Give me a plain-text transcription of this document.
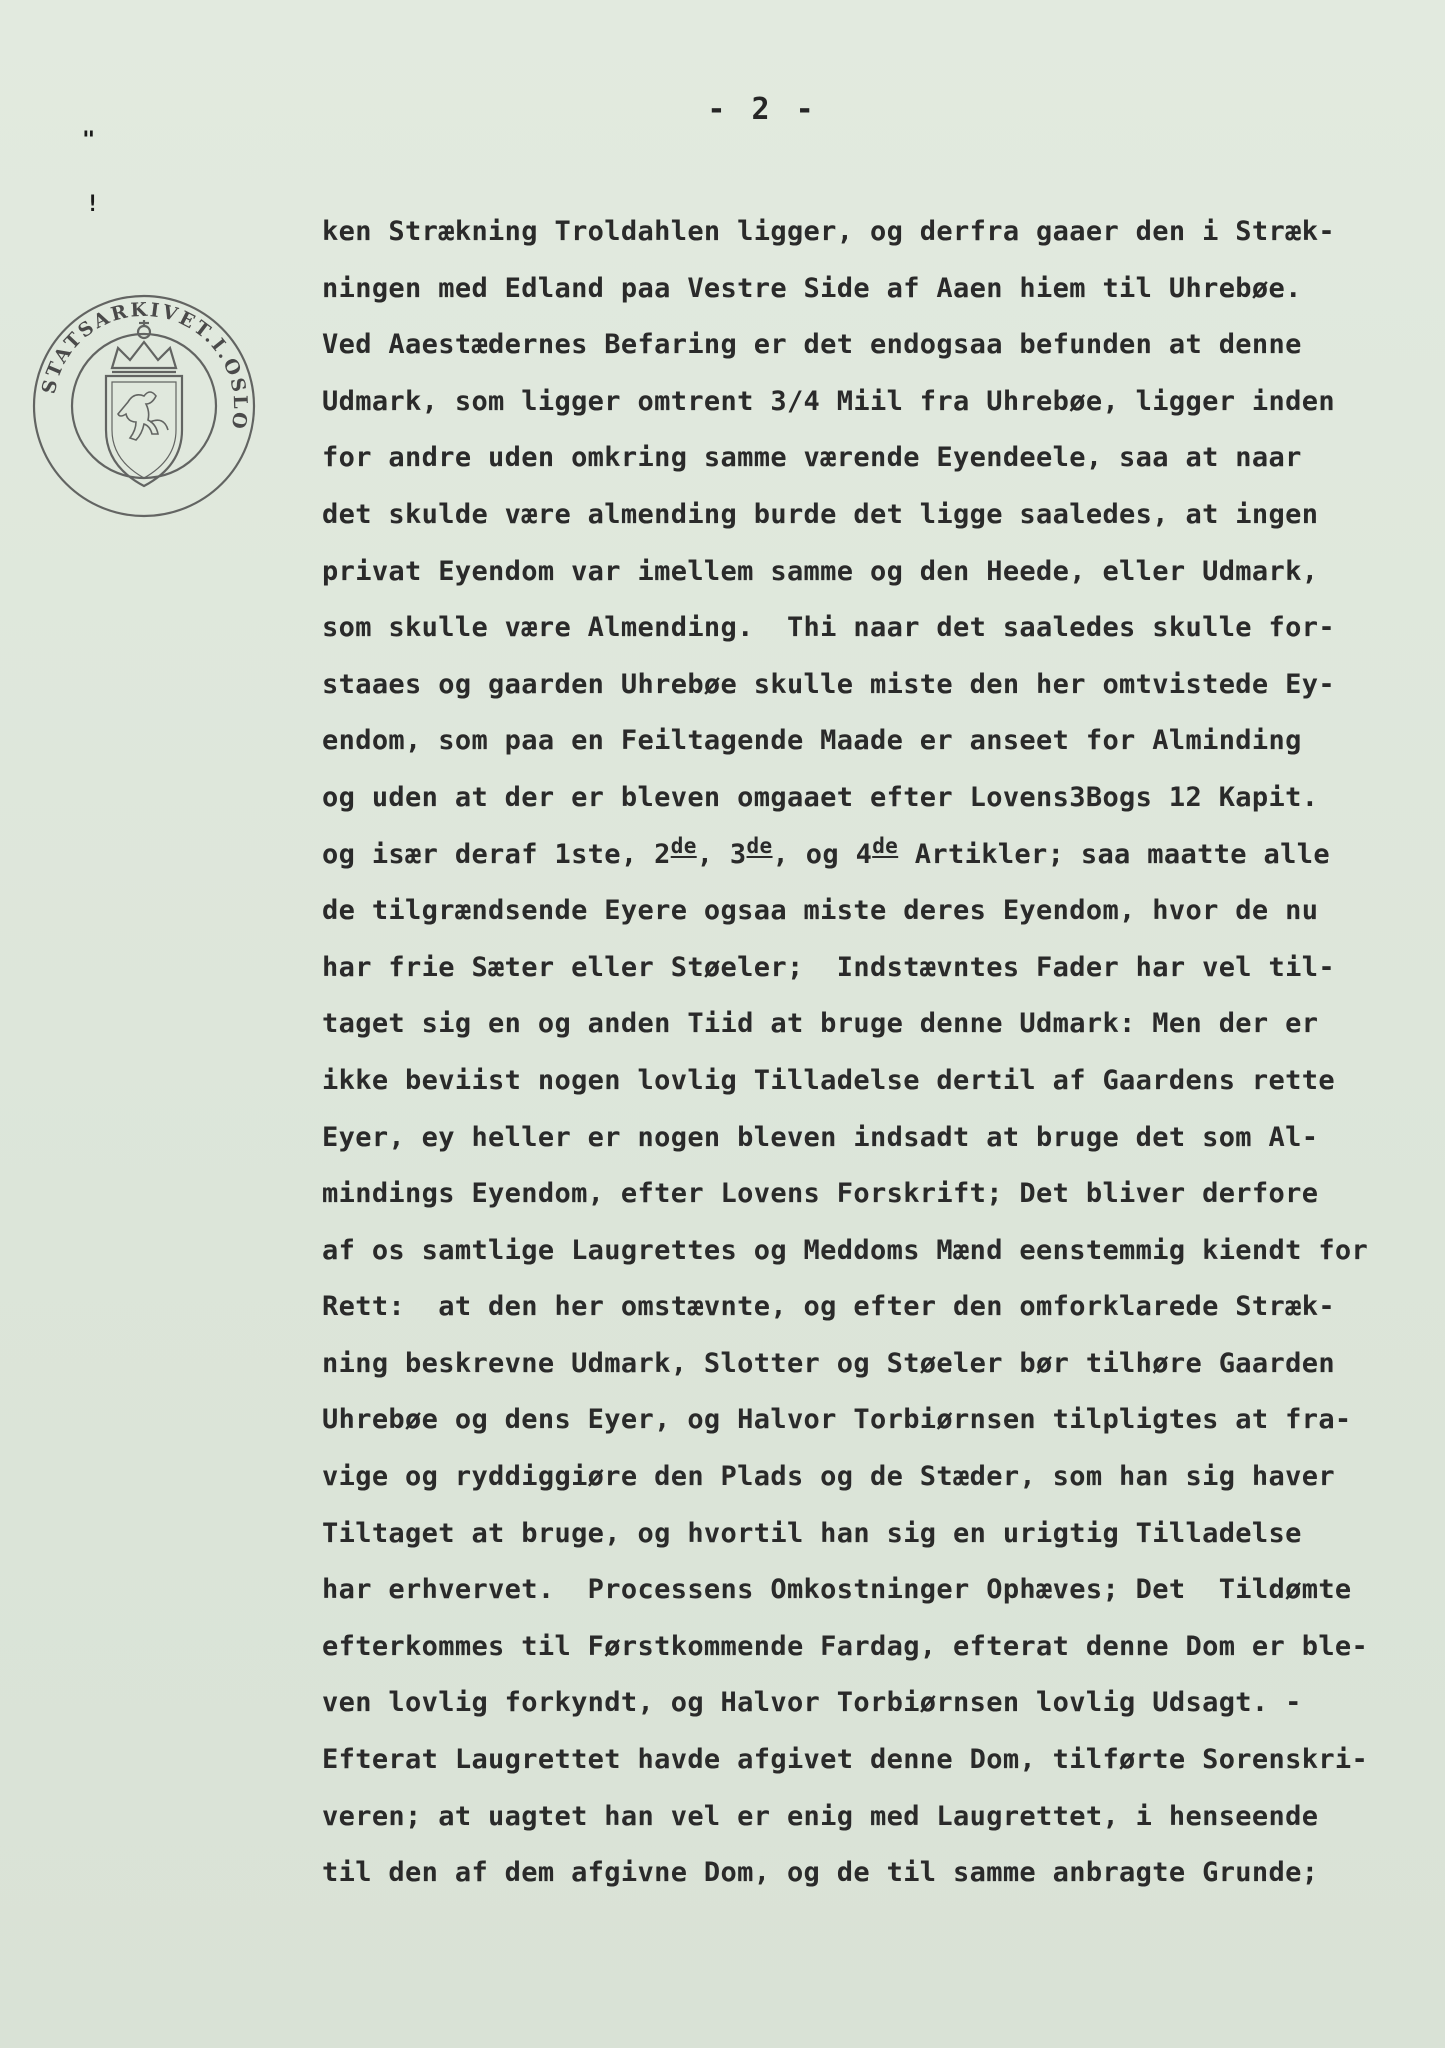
- 2 -
"
!
STATSARKIVET.I.OSLO
ken Strækning Troldahlen ligger, og derfra gaaer den i Stræk-
ningen med Edland paa Vestre Side af Aaen hiem til Uhrebøe.
Ved Aaestædernes Befaring er det endogsaa befunden at denne
Udmark, som ligger omtrent 3/4 Miil fra Uhrebøe, ligger inden
for andre uden omkring samme værende Eyendeele, saa at naar
det skulde være almending burde det ligge saaledes, at ingen
privat Eyendom var imellem samme og den Heede, eller Udmark,
som skulle være Almending.  Thi naar det saaledes skulle for-
staaes og gaarden Uhrebøe skulle miste den her omtvistede Ey-
endom, som paa en Feiltagende Maade er anseet for Alminding
og uden at der er bleven omgaaet efter Lovens3Bogs 12 Kapit.
og især deraf 1ste, 2de, 3de, og 4de Artikler; saa maatte alle
de tilgrændsende Eyere ogsaa miste deres Eyendom, hvor de nu
har frie Sæter eller Støeler;  Indstævntes Fader har vel til-
taget sig en og anden Tiid at bruge denne Udmark: Men der er
ikke beviist nogen lovlig Tilladelse dertil af Gaardens rette
Eyer, ey heller er nogen bleven indsadt at bruge det som Al-
mindings Eyendom, efter Lovens Forskrift; Det bliver derfore
af os samtlige Laugrettes og Meddoms Mænd eenstemmig kiendt for
Rett:  at den her omstævnte, og efter den omforklarede Stræk-
ning beskrevne Udmark, Slotter og Støeler bør tilhøre Gaarden
Uhrebøe og dens Eyer, og Halvor Torbiørnsen tilpligtes at fra-
vige og ryddiggiøre den Plads og de Stæder, som han sig haver
Tiltaget at bruge, og hvortil han sig en urigtig Tilladelse
har erhvervet.  Processens Omkostninger Ophæves; Det  Tildømte
efterkommes til Førstkommende Fardag, efterat denne Dom er ble-
ven lovlig forkyndt, og Halvor Torbiørnsen lovlig Udsagt. -
Efterat Laugrettet havde afgivet denne Dom, tilførte Sorenskri-
veren; at uagtet han vel er enig med Laugrettet, i henseende
til den af dem afgivne Dom, og de til samme anbragte Grunde;
